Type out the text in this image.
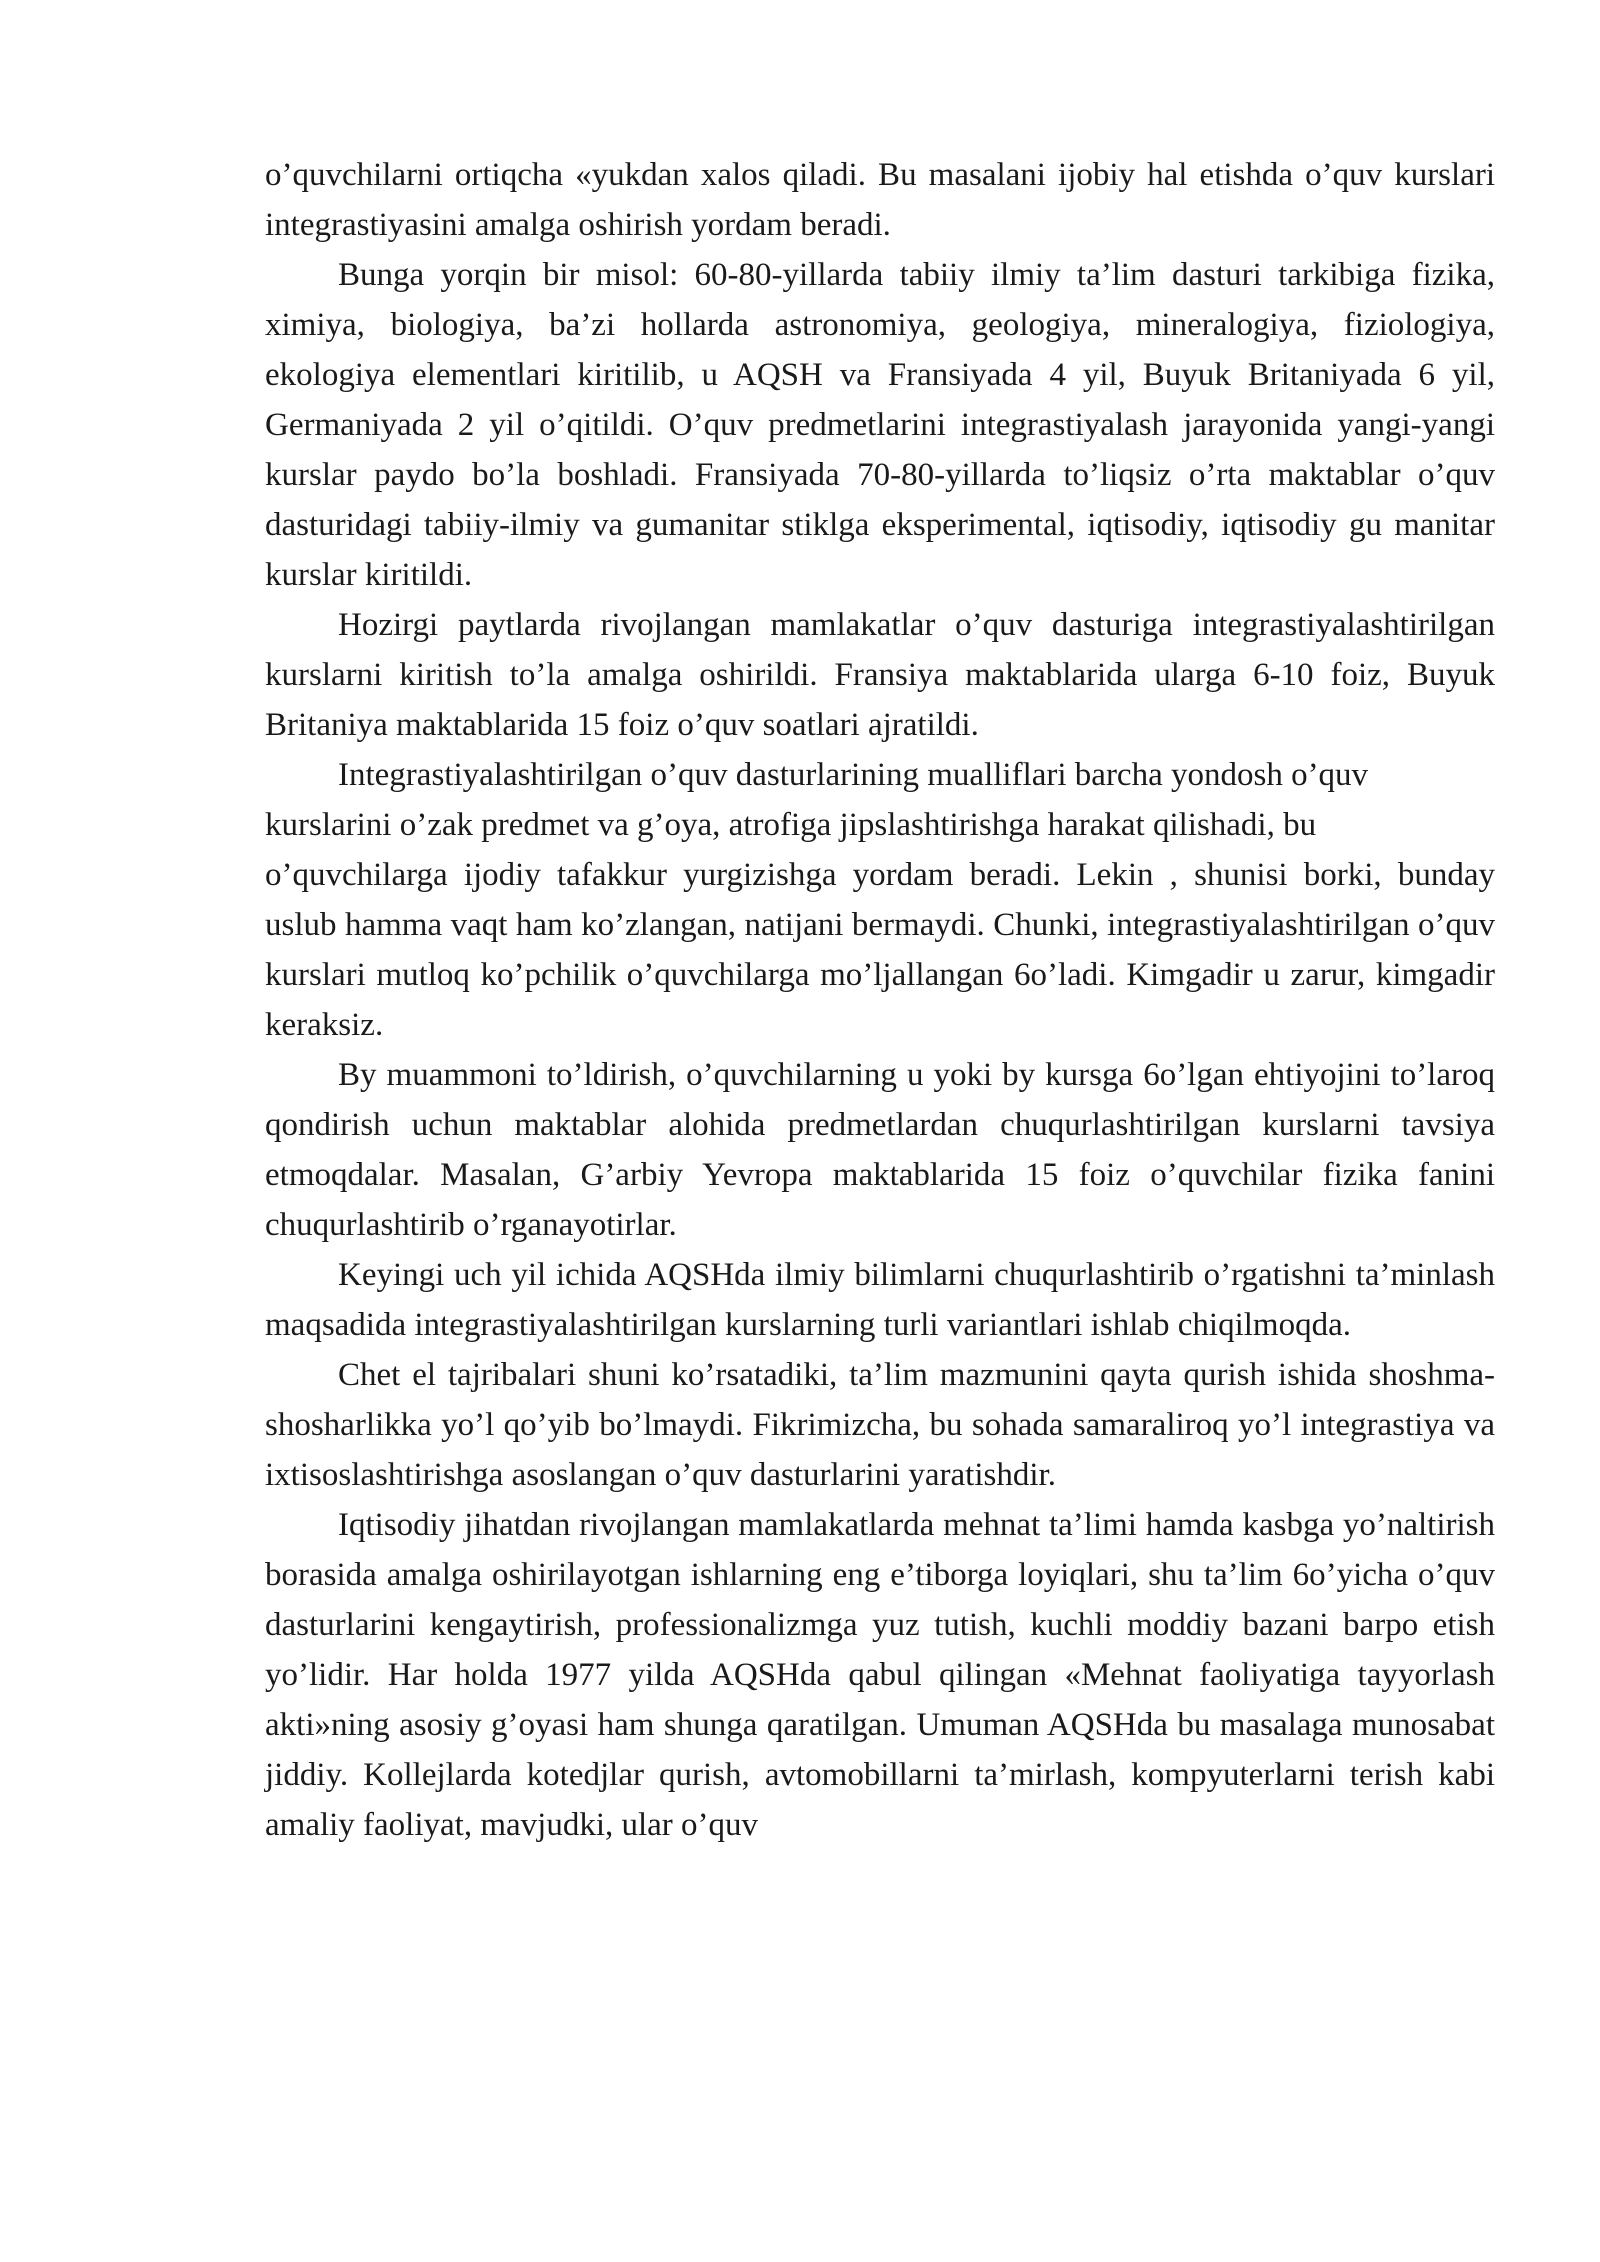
o’quvchilarni ortiqcha «yukdan xalos qiladi. Bu masalani ijobiy hal etishda o’quv kurslari integrastiyasini amalga oshirish yordam beradi.

Bunga yorqin bir misol: 60-80-yillarda tabiiy ilmiy ta’lim dasturi tarkibiga fizika, ximiya, biologiya, ba’zi hollarda astronomiya, geologiya, mineralogiya, fiziologiya, ekologiya elementlari kiritilib, u AQSH va Fransiyada 4 yil, Buyuk Britaniyada 6 yil, Germaniyada 2 yil o’qitildi. O’quv predmetlarini integrastiyalash jarayonida yangi-yangi kurslar paydo bo’la boshladi. Fransiyada 70-80-yillarda to’liqsiz o’rta maktablar o’quv dasturidagi tabiiy-ilmiy va gumanitar stiklga eksperimental, iqtisodiy, iqtisodiy gu manitar kurslar kiritildi.

Hozirgi paytlarda rivojlangan mamlakatlar o’quv dasturiga integrastiyalashtirilgan kurslarni kiritish to’la amalga oshirildi. Fransiya maktablarida ularga 6-10 foiz, Buyuk Britaniya maktablarida 15 foiz o’quv soatlari ajratildi.

Integrastiyalashtirilgan o’quv dasturlarining mualliflari barcha yondosh o’quv kurslarini o’zak predmet va g’oya, atrofiga jipslashtirishga harakat qilishadi, bu

o’quvchilarga ijodiy tafakkur yurgizishga yordam beradi. Lekin , shunisi borki, bunday uslub hamma vaqt ham ko’zlangan, natijani bermaydi. Chunki, integrastiyalashtirilgan o’quv kurslari mutloq ko’pchilik o’quvchilarga mo’ljallangan 6o’ladi. Kimgadir u zarur, kimgadir keraksiz.

By muammoni to’ldirish, o’quvchilarning u yoki by kursga 6o’lgan ehtiyojini to’laroq qondirish uchun maktablar alohida predmetlardan chuqurlashtirilgan kurslarni tavsiya etmoqdalar. Masalan, G’arbiy Yevropa maktablarida 15 foiz o’quvchilar fizika fanini chuqurlashtirib o’rganayotirlar.

Keyingi uch yil ichida AQSHda ilmiy bilimlarni chuqurlashtirib o’rgatishni ta’minlash maqsadida integrastiyalashtirilgan kurslarning turli variantlari ishlab chiqilmoqda.

Chet el tajribalari shuni ko’rsatadiki, ta’lim mazmunini qayta qurish ishida shoshma-shosharlikka yo’l qo’yib bo’lmaydi. Fikrimizcha, bu sohada samaraliroq yo’l integrastiya va ixtisoslashtirishga asoslangan o’quv dasturlarini yaratishdir.

Iqtisodiy jihatdan rivojlangan mamlakatlarda mehnat ta’limi hamda kasbga yo’naltirish borasida amalga oshirilayotgan ishlarning eng e’tiborga loyiqlari, shu ta’lim 6o’yicha o’quv dasturlarini kengaytirish, professionalizmga yuz tutish, kuchli moddiy bazani barpo etish yo’lidir. Har holda 1977 yilda AQSHda qabul qilingan «Mehnat faoliyatiga tayyorlash akti»ning asosiy g’oyasi ham shunga qaratilgan. Umuman AQSHda bu masalaga munosabat jiddiy. Kollejlarda kotedjlar qurish, avtomobillarni ta’mirlash, kompyuterlarni terish kabi amaliy faoliyat, mavjudki, ular o’quv
